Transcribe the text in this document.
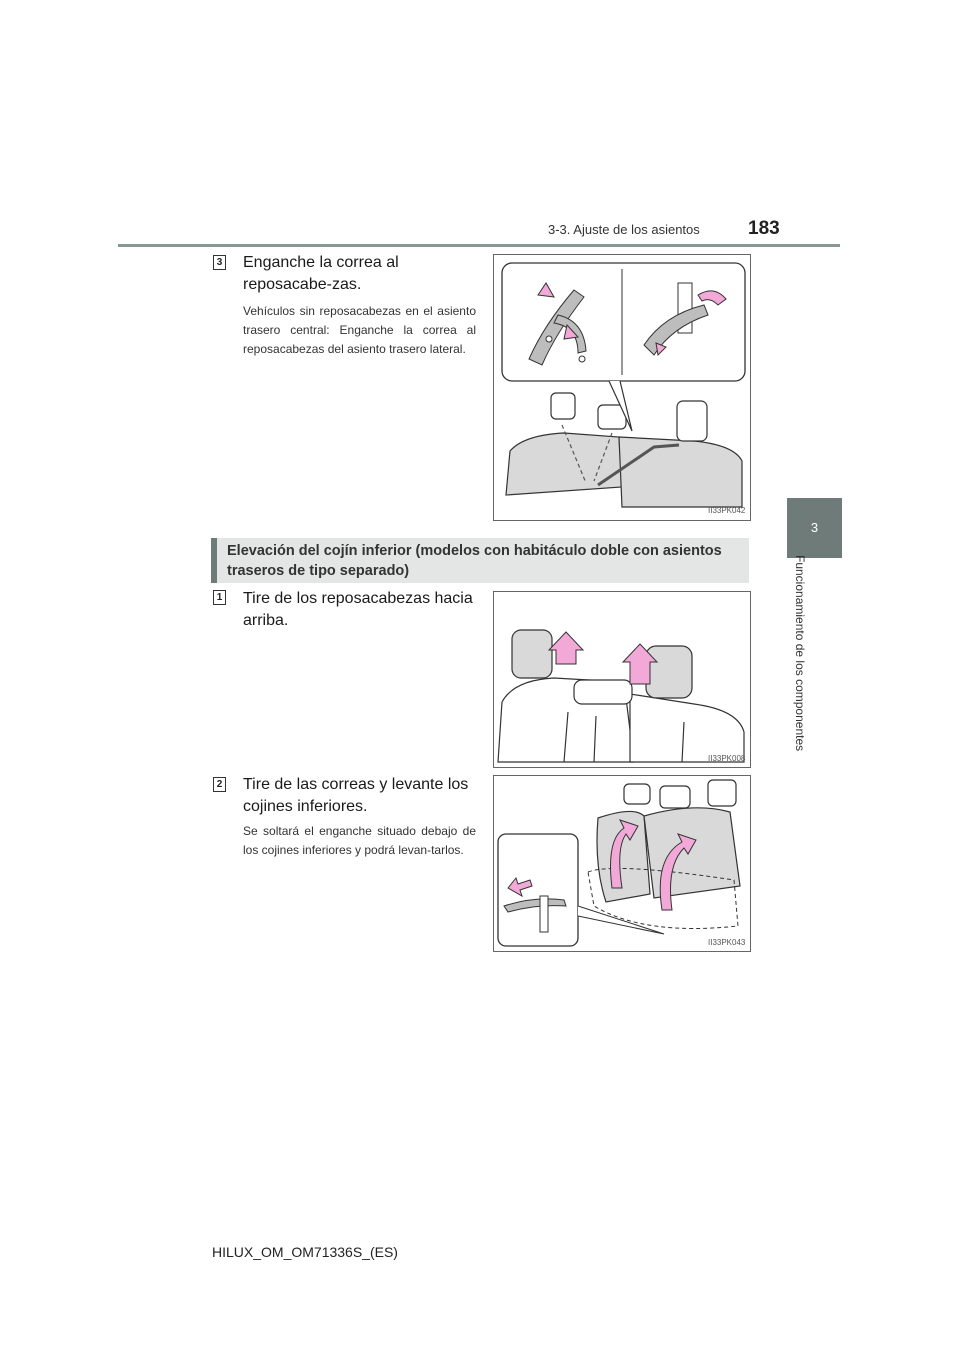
3-3. Ajuste de los asientos	183
3
Funcionamiento de los componentes
3 Enganche la correa al reposacabe-zas.
Vehículos sin reposacabezas en el asiento trasero central: Enganche la correa al reposacabezas del asiento trasero lateral.
II33PK042
Elevación del cojín inferior (modelos con habitáculo doble con asientos traseros de tipo separado)
1 Tire de los reposacabezas hacia arriba.
II33PK008
2 Tire de las correas y levante los cojines inferiores.
Se soltará el enganche situado debajo de los cojines inferiores y podrá levan-tarlos.
II33PK043
HILUX_OM_OM71336S_(ES)
